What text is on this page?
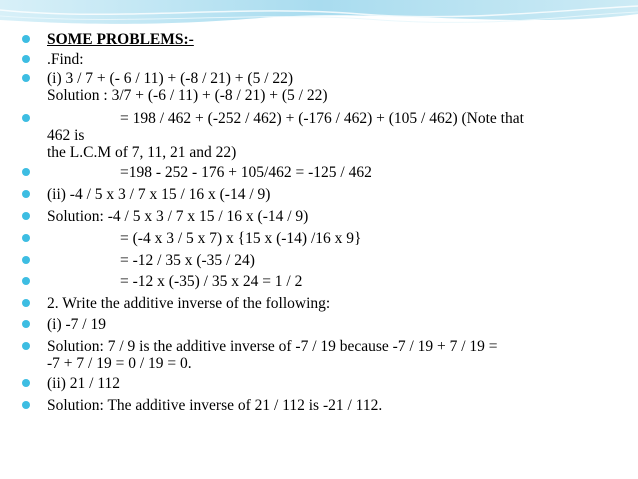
SOME PROBLEMS:-
.Find:
(i) 3 / 7 + (- 6 / 11) + (-8 / 21) + (5 / 22)
Solution : 3/7 + (-6 / 11) + (-8 / 21) + (5 / 22)
= 198 / 462 + (-252 / 462) + (-176 / 462) + (105 / 462) (Note that
462 is
the L.C.M of 7, 11, 21 and 22)
=198 - 252 - 176 + 105/462 = -125 / 462
(ii) -4 / 5 x 3 / 7 x 15 / 16 x (-14 / 9)
Solution: -4 / 5 x 3 / 7 x 15 / 16 x (-14 / 9)
= (-4 x 3 / 5 x 7) x {15 x (-14) /16 x 9}
= -12 / 35 x (-35 / 24)
= -12 x (-35) / 35 x 24 = 1 / 2
2. Write the additive inverse of the following:
(i) -7 / 19
Solution: 7 / 9 is the additive inverse of -7 / 19 because -7 / 19 + 7 / 19 =
-7 + 7 / 19 = 0 / 19 = 0.
(ii) 21 / 112
Solution: The additive inverse of 21 / 112 is -21 / 112.
